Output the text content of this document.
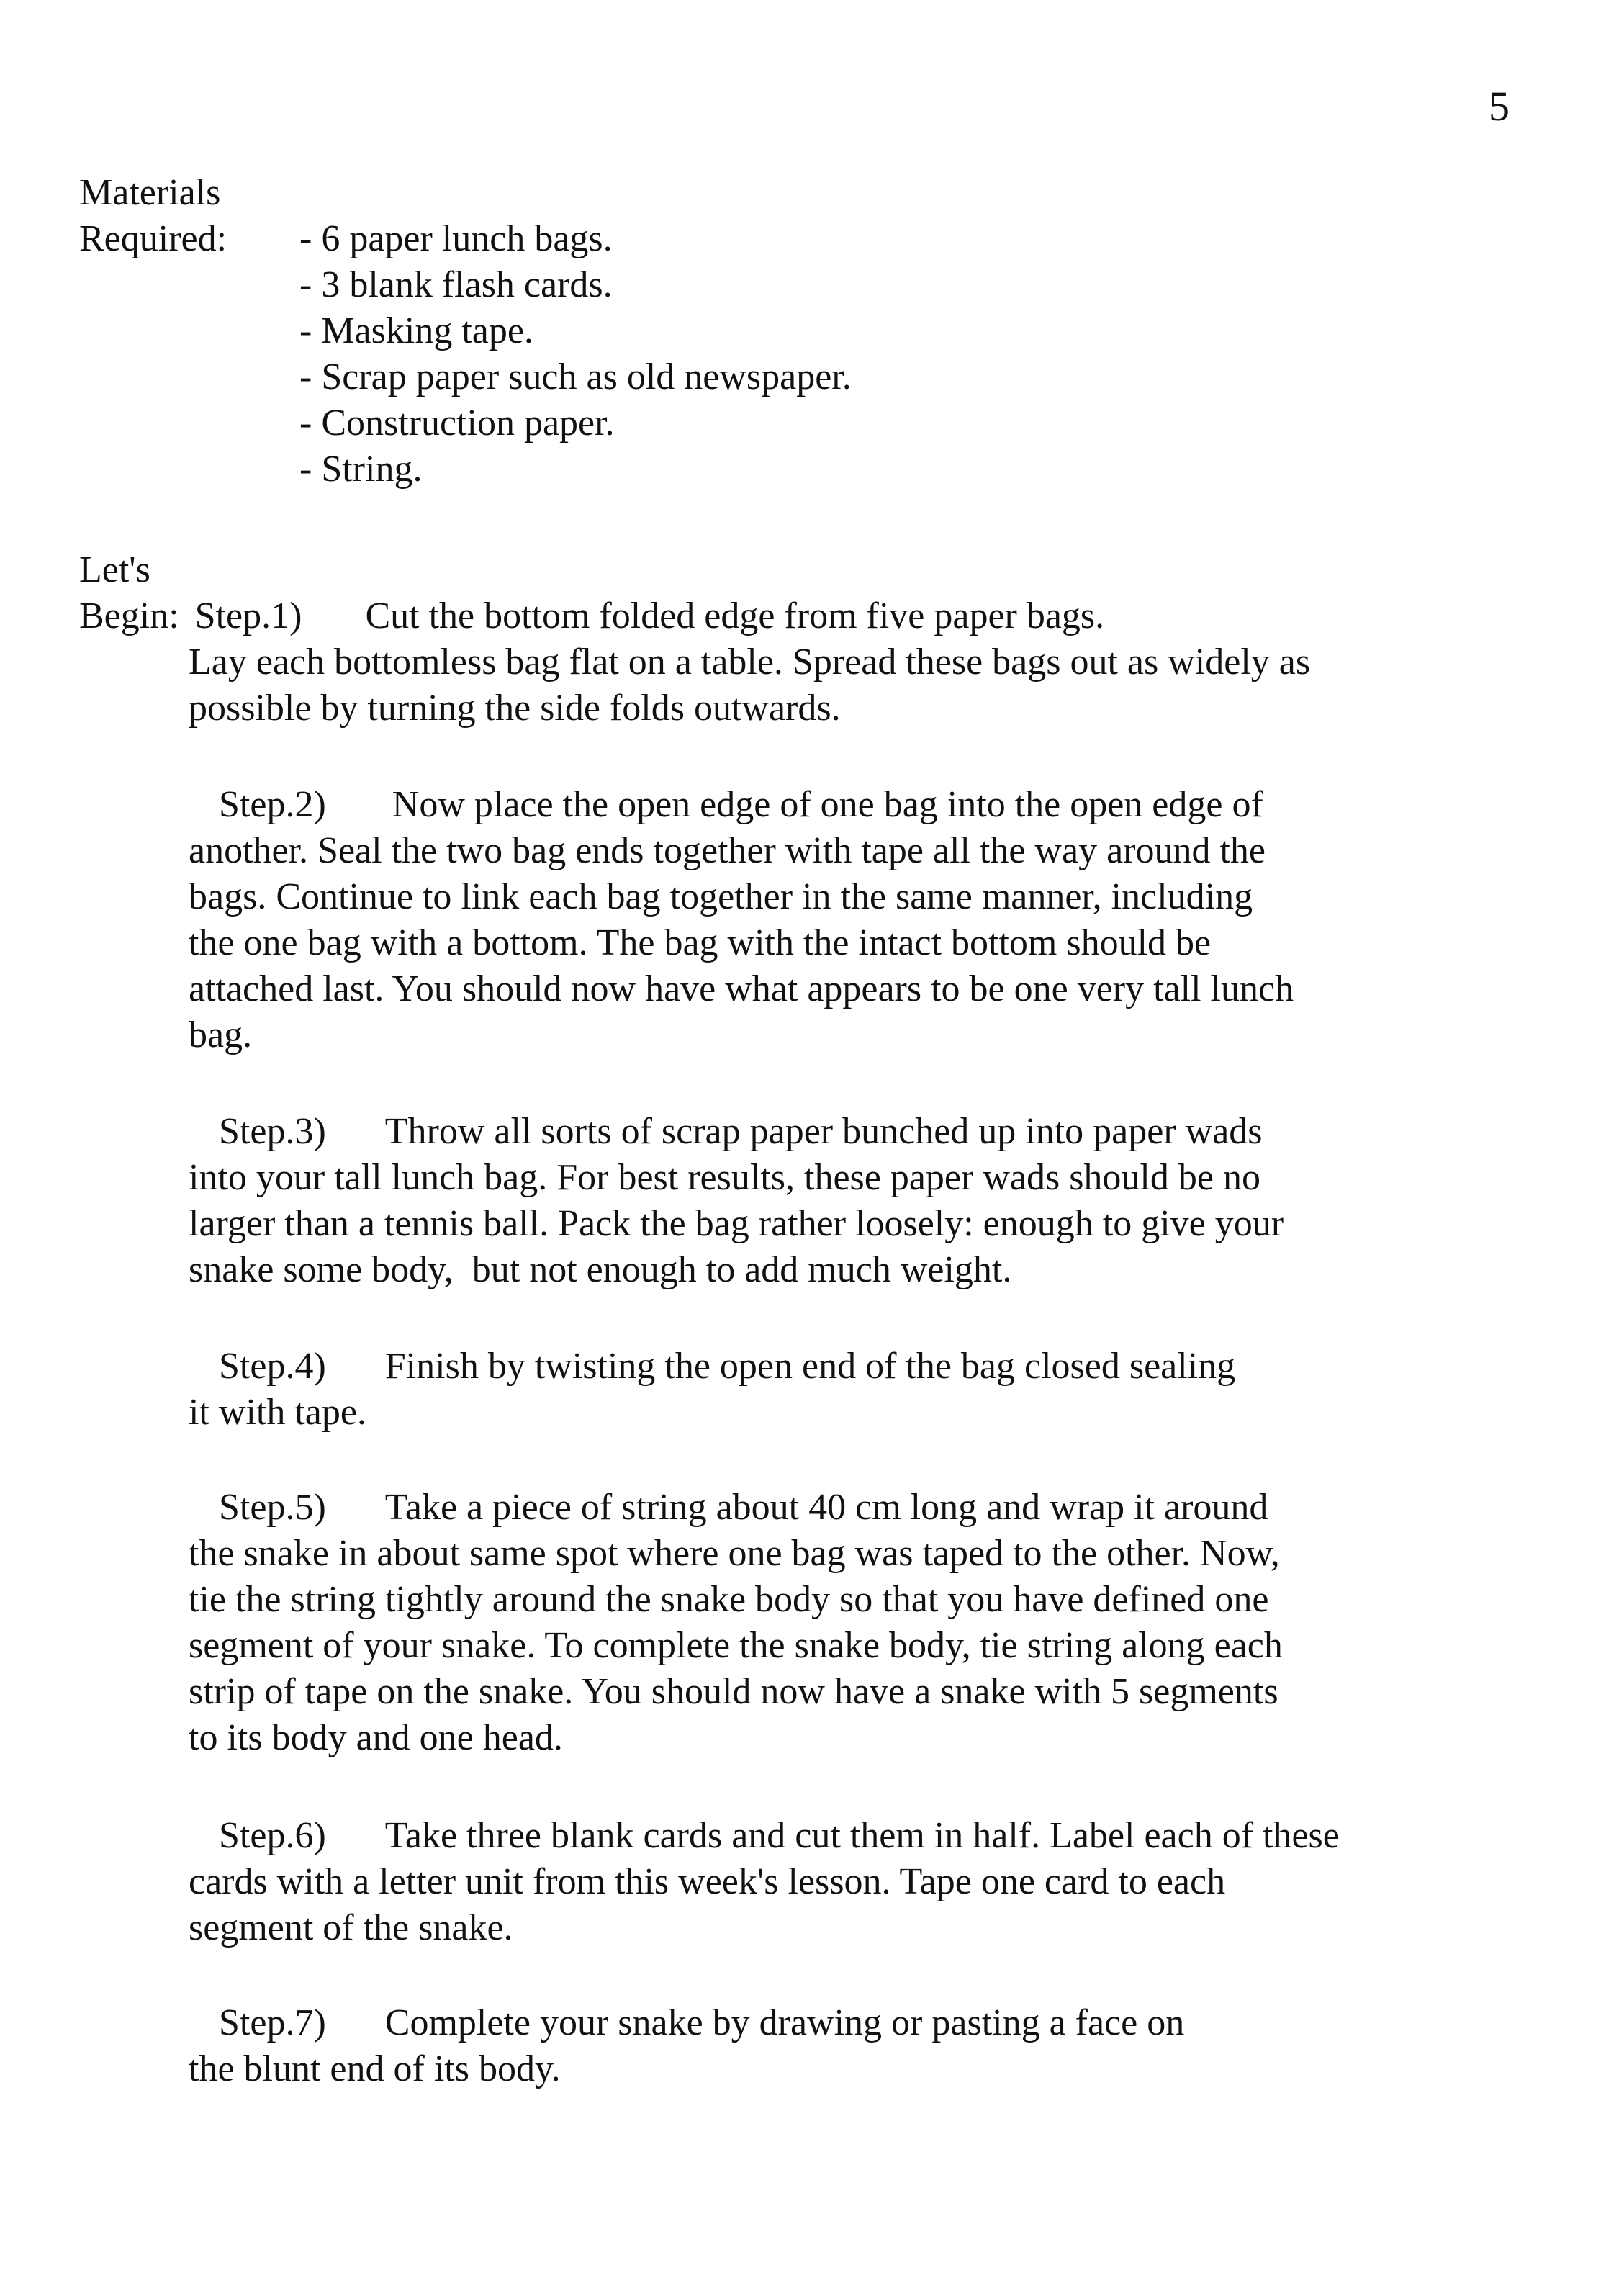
5
Materials
Required:	- 6 paper lunch bags.
- 3 blank flash cards.
- Masking tape.
- Scrap paper such as old newspaper.
- Construction paper.
- String.
Let's
Begin: Step.1) Cut the bottom folded edge from five paper bags.
Lay each bottomless bag flat on a table. Spread these bags out as widely as
possible by turning the side folds outwards.
Step.2) Now place the open edge of one bag into the open edge of
another. Seal the two bag ends together with tape all the way around the
bags. Continue to link each bag together in the same manner, including
the one bag with a bottom. The bag with the intact bottom should be
attached last. You should now have what appears to be one very tall lunch
bag.
Step.3) Throw all sorts of scrap paper bunched up into paper wads
into your tall lunch bag. For best results, these paper wads should be no
larger than a tennis ball. Pack the bag rather loosely: enough to give your
snake some body,  but not enough to add much weight.
Step.4) Finish by twisting the open end of the bag closed sealing
it with tape.
Step.5) Take a piece of string about 40 cm long and wrap it around
the snake in about same spot where one bag was taped to the other. Now,
tie the string tightly around the snake body so that you have defined one
segment of your snake. To complete the snake body, tie string along each
strip of tape on the snake. You should now have a snake with 5 segments
to its body and one head.
Step.6) Take three blank cards and cut them in half. Label each of these
cards with a letter unit from this week's lesson. Tape one card to each
segment of the snake.
Step.7) Complete your snake by drawing or pasting a face on
the blunt end of its body.
